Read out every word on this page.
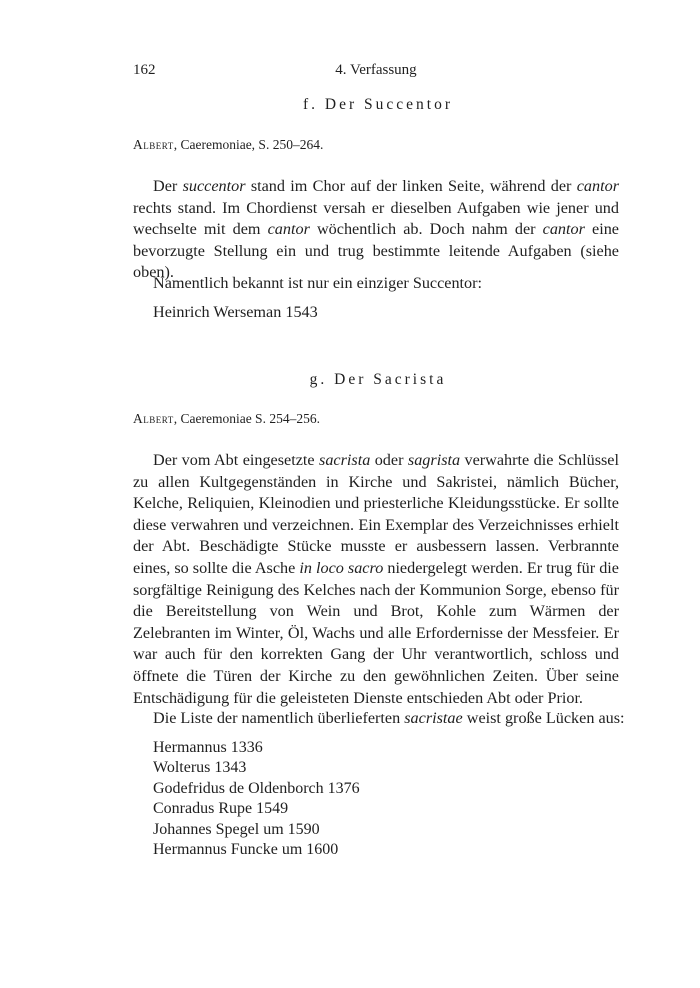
162	4. Verfassung
f. Der Succentor
Albert, Caeremoniae, S. 250–264.
Der succentor stand im Chor auf der linken Seite, während der cantor rechts stand. Im Chordienst versah er dieselben Aufgaben wie jener und wechselte mit dem cantor wöchentlich ab. Doch nahm der cantor eine bevorzugte Stellung ein und trug bestimmte leitende Aufgaben (siehe oben).
Namentlich bekannt ist nur ein einziger Succentor:
Heinrich Werseman 1543
g. Der Sacrista
Albert, Caeremoniae S. 254–256.
Der vom Abt eingesetzte sacrista oder sagrista verwahrte die Schlüssel zu allen Kultgegenständen in Kirche und Sakristei, nämlich Bücher, Kelche, Reliquien, Kleinodien und priesterliche Kleidungsstücke. Er sollte diese verwahren und verzeichnen. Ein Exemplar des Verzeichnisses erhielt der Abt. Beschädigte Stücke musste er ausbessern lassen. Verbrannte eines, so sollte die Asche in loco sacro niedergelegt werden. Er trug für die sorgfältige Reinigung des Kelches nach der Kommunion Sorge, ebenso für die Bereitstellung von Wein und Brot, Kohle zum Wärmen der Zelebranten im Winter, Öl, Wachs und alle Erfordernisse der Messfeier. Er war auch für den korrekten Gang der Uhr verantwortlich, schloss und öffnete die Türen der Kirche zu den gewöhnlichen Zeiten. Über seine Entschädigung für die geleisteten Dienste entschieden Abt oder Prior.
Die Liste der namentlich überlieferten sacristae weist große Lücken aus:
Hermannus 1336
Wolterus 1343
Godefridus de Oldenborch 1376
Conradus Rupe 1549
Johannes Spegel um 1590
Hermannus Funcke um 1600
